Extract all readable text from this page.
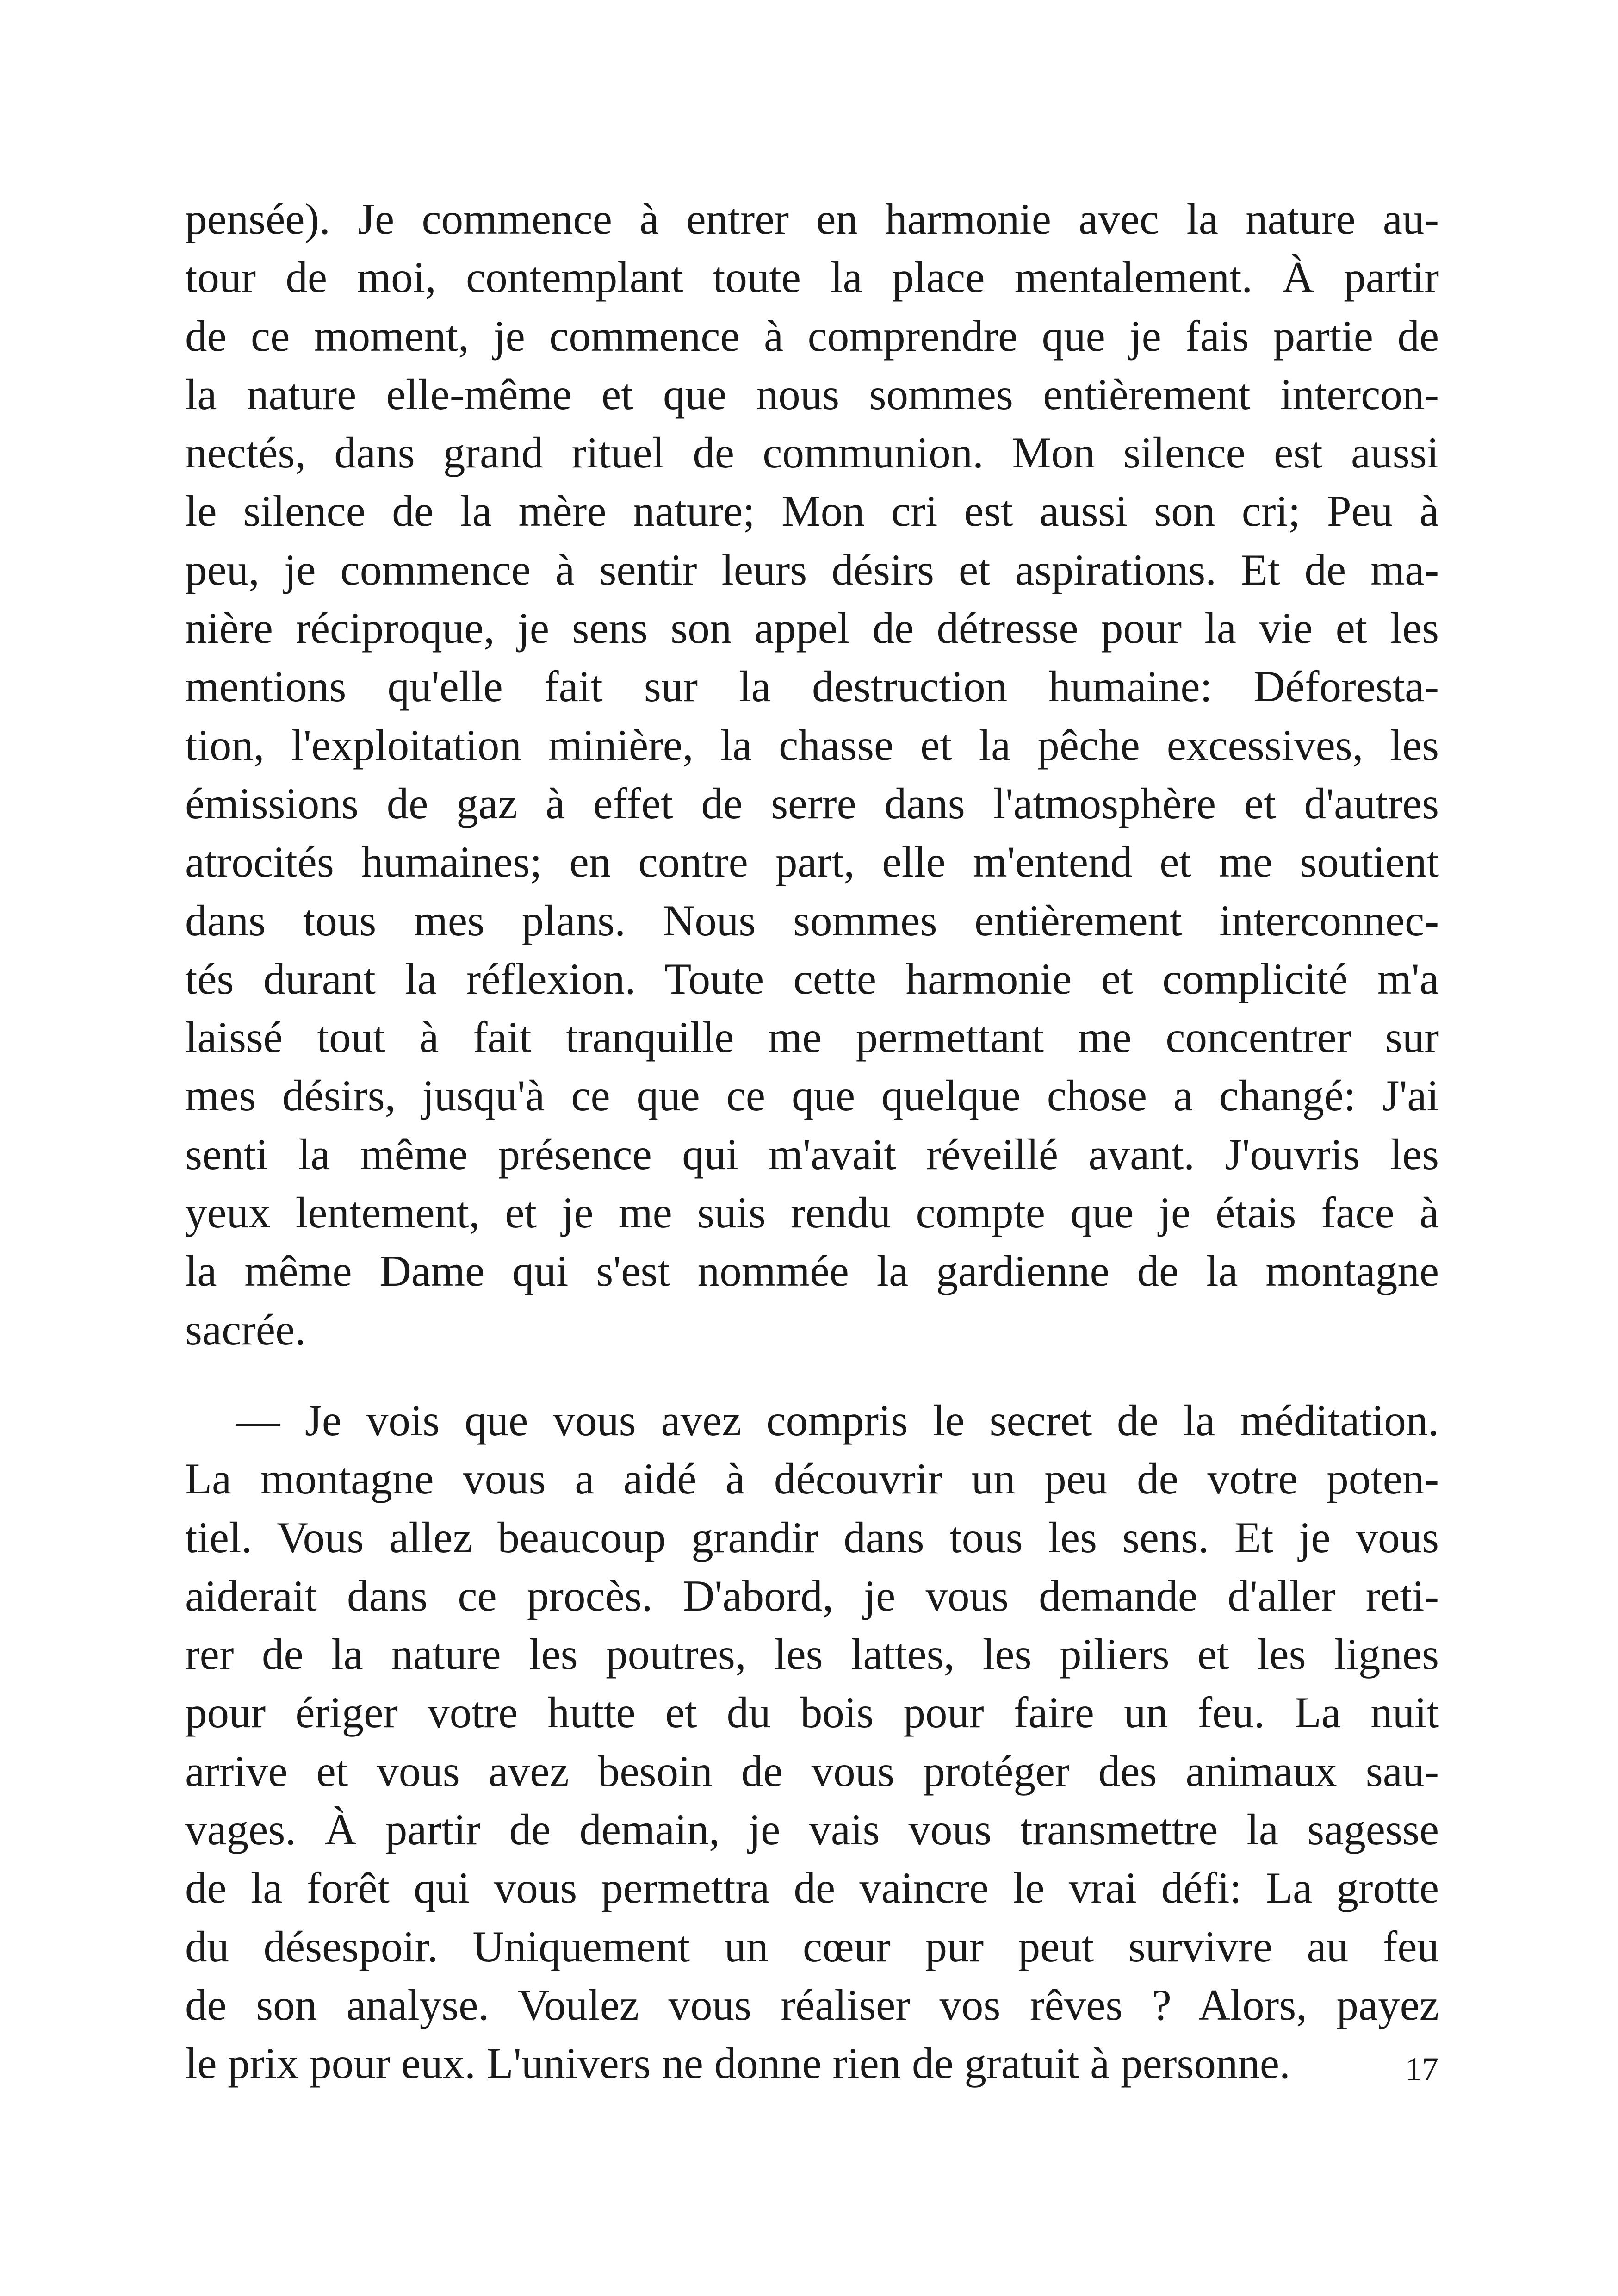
pensée). Je commence à entrer en harmonie avec la nature au-
tour de moi, contemplant toute la place mentalement. À partir
de ce moment, je commence à comprendre que je fais partie de
la nature elle-même et que nous sommes entièrement intercon-
nectés, dans grand rituel de communion. Mon silence est aussi
le silence de la mère nature; Mon cri est aussi son cri; Peu à
peu, je commence à sentir leurs désirs et aspirations. Et de ma-
nière réciproque, je sens son appel de détresse pour la vie et les
mentions qu'elle fait sur la destruction humaine: Déforesta-
tion, l'exploitation minière, la chasse et la pêche excessives, les
émissions de gaz à effet de serre dans l'atmosphère et d'autres
atrocités humaines; en contre part, elle m'entend et me soutient
dans tous mes plans. Nous sommes entièrement interconnec-
tés durant la réflexion. Toute cette harmonie et complicité m'a
laissé tout à fait tranquille me permettant me concentrer sur
mes désirs, jusqu'à ce que ce que quelque chose a changé: J'ai
senti la même présence qui m'avait réveillé avant. J'ouvris les
yeux lentement, et je me suis rendu compte que je étais face à
la même Dame qui s'est nommée la gardienne de la montagne
sacrée.
— Je vois que vous avez compris le secret de la méditation.
La montagne vous a aidé à découvrir un peu de votre poten-
tiel. Vous allez beaucoup grandir dans tous les sens. Et je vous
aiderait dans ce procès. D'abord, je vous demande d'aller reti-
rer de la nature les poutres, les lattes, les piliers et les lignes
pour ériger votre hutte et du bois pour faire un feu. La nuit
arrive et vous avez besoin de vous protéger des animaux sau-
vages. À partir de demain, je vais vous transmettre la sagesse
de la forêt qui vous permettra de vaincre le vrai défi: La grotte
du désespoir. Uniquement un cœur pur peut survivre au feu
de son analyse. Voulez vous réaliser vos rêves ? Alors, payez
le prix pour eux. L'univers ne donne rien de gratuit à personne.	17
